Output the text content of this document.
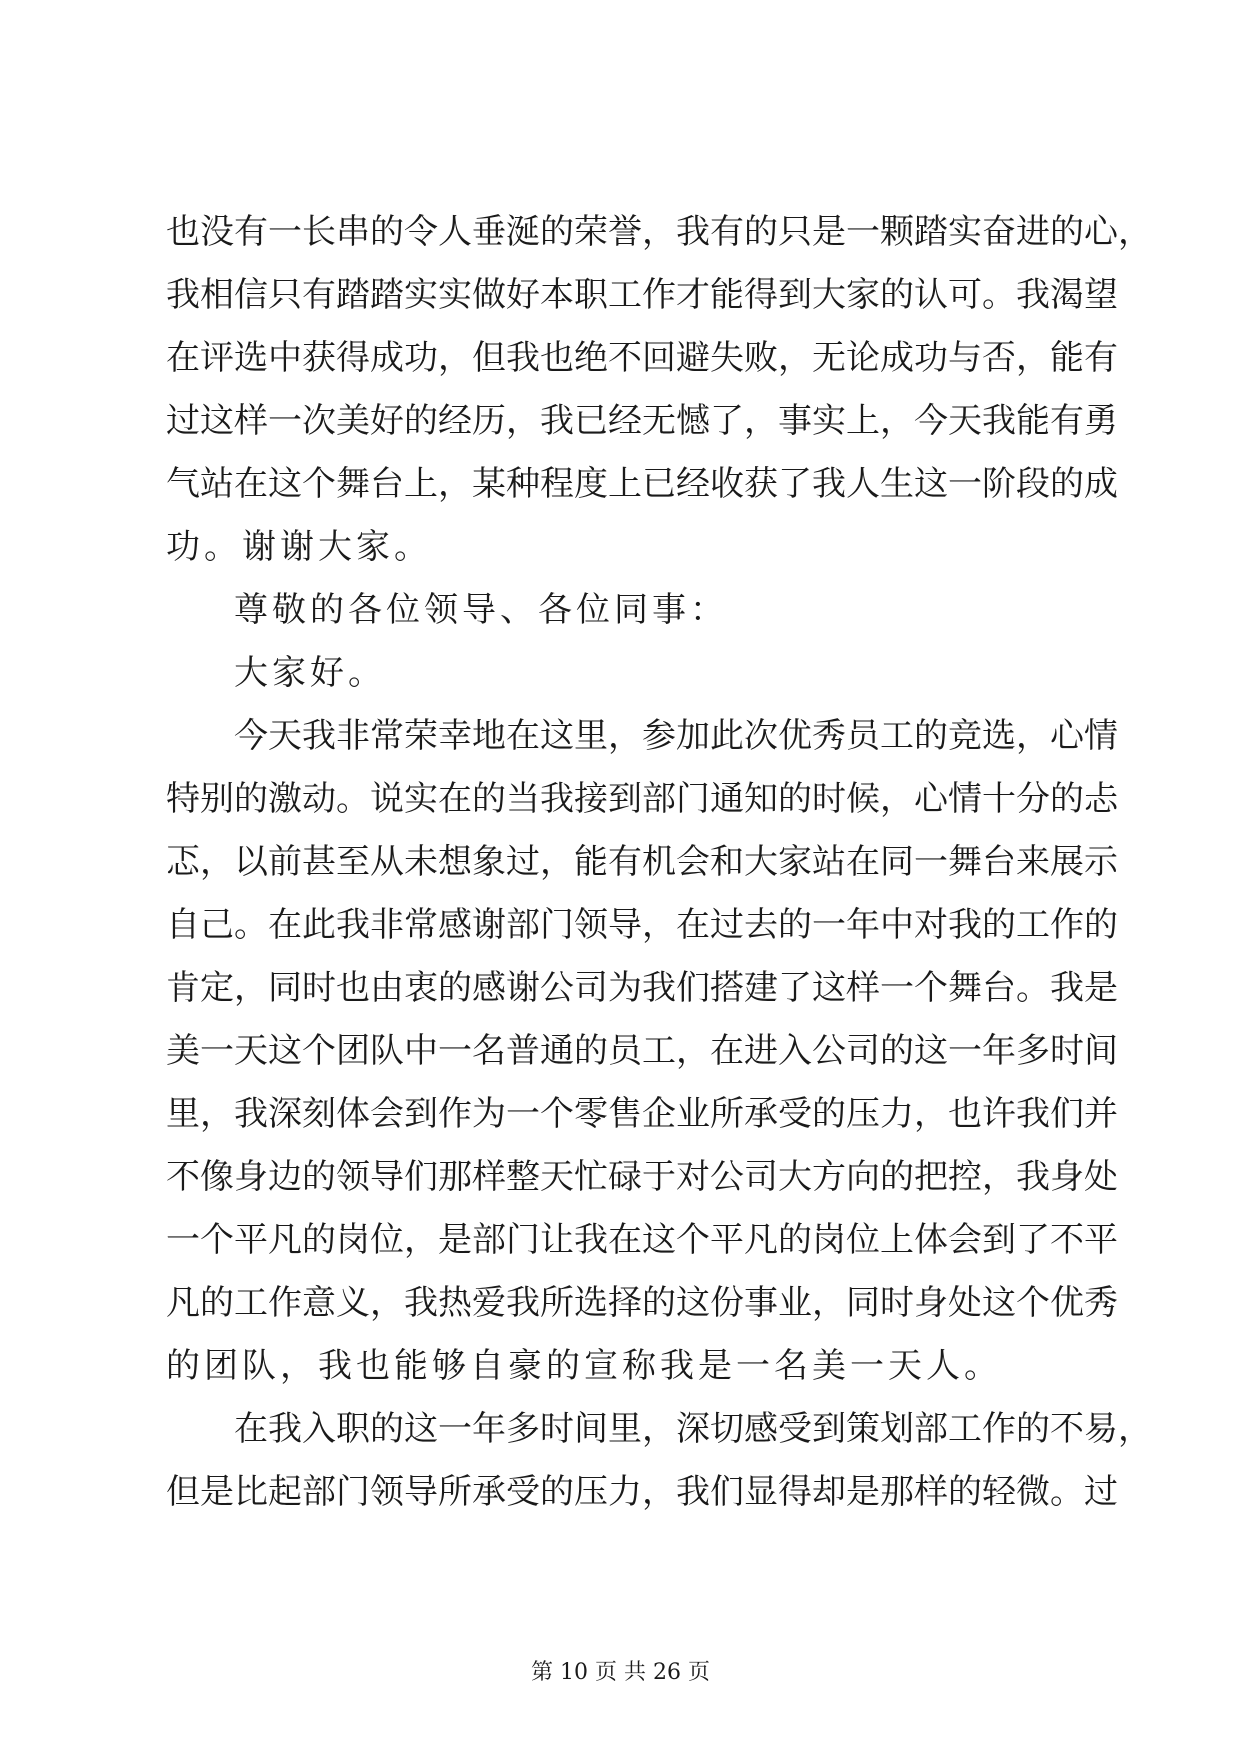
也没有一长串的令人垂涎的荣誉，我有的只是一颗踏实奋进的心，
我相信只有踏踏实实做好本职工作才能得到大家的认可。我渴望
在评选中获得成功，但我也绝不回避失败，无论成功与否，能有
过这样一次美好的经历，我已经无憾了，事实上，今天我能有勇
气站在这个舞台上，某种程度上已经收获了我人生这一阶段的成
功。谢谢大家。
尊敬的各位领导、各位同事：
大家好。
今天我非常荣幸地在这里，参加此次优秀员工的竞选，心情
特别的激动。说实在的当我接到部门通知的时候，心情十分的忐
忑，以前甚至从未想象过，能有机会和大家站在同一舞台来展示
自己。在此我非常感谢部门领导，在过去的一年中对我的工作的
肯定，同时也由衷的感谢公司为我们搭建了这样一个舞台。我是
美一天这个团队中一名普通的员工，在进入公司的这一年多时间
里，我深刻体会到作为一个零售企业所承受的压力，也许我们并
不像身边的领导们那样整天忙碌于对公司大方向的把控，我身处
一个平凡的岗位，是部门让我在这个平凡的岗位上体会到了不平
凡的工作意义，我热爱我所选择的这份事业，同时身处这个优秀
的团队，我也能够自豪的宣称我是一名美一天人。
在我入职的这一年多时间里，深切感受到策划部工作的不易，
但是比起部门领导所承受的压力，我们显得却是那样的轻微。过
第 10 页 共 26 页
